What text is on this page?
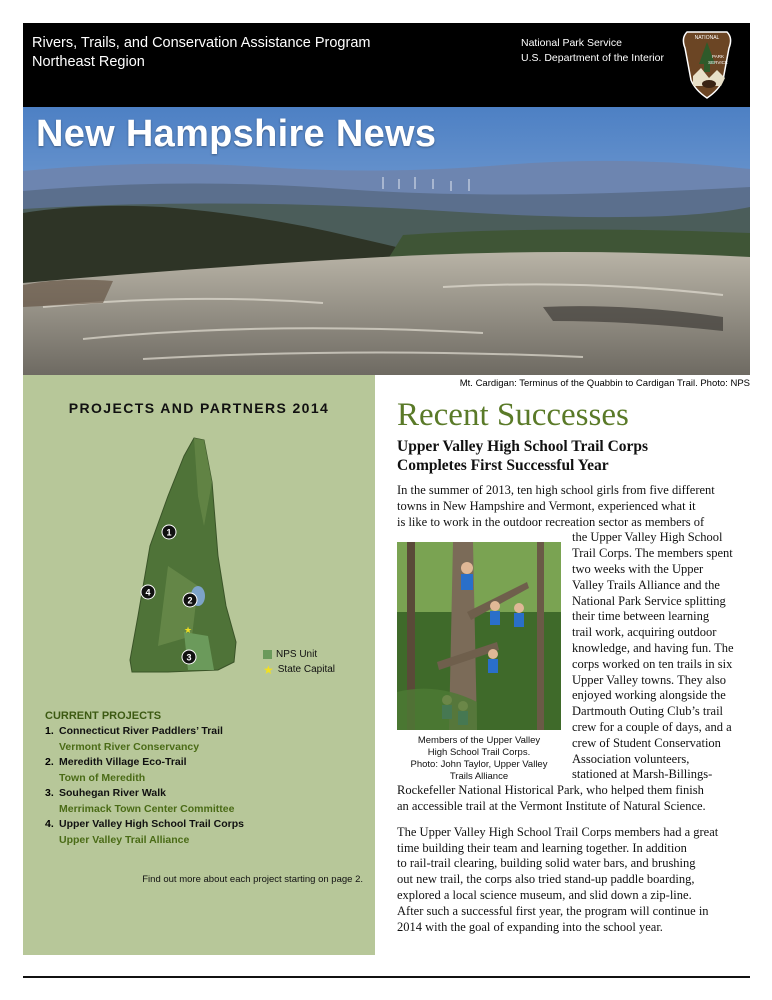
Rivers, Trails, and Conservation Assistance Program
Northeast Region
National Park Service
U.S. Department of the Interior
NATIONAL
PARK
SERVICE
New Hampshire News
Mt. Cardigan: Terminus of the Quabbin to Cardigan Trail. Photo: NPS
PROJECTS AND PARTNERS 2014
1
2
3
4
★
NPS Unit
★ State Capital
CURRENT PROJECTS
1. Connecticut River Paddlers’ Trail
Vermont River Conservancy
2. Meredith Village Eco-Trail
Town of Meredith
3. Souhegan River Walk
Merrimack Town Center Committee
4. Upper Valley High School Trail Corps
Upper Valley Trail Alliance
Find out more about each project starting on page 2.
Recent Successes
Upper Valley High School Trail Corps
Completes First Successful Year
In the summer of 2013, ten high school girls from five different
towns in New Hampshire and Vermont, experienced what it
is like to work in the outdoor recreation sector as members of
the Upper Valley High School
Trail Corps. The members spent
two weeks with the Upper
Valley Trails Alliance and the
National Park Service splitting
their time between learning
trail work, acquiring outdoor
knowledge, and having fun. The
corps worked on ten trails in six
Upper Valley towns. They also
enjoyed working alongside the
Dartmouth Outing Club’s trail
crew for a couple of days, and a
crew of Student Conservation
Association volunteers,
stationed at Marsh-Billings-
Rockefeller National Historical Park, who helped them finish
an accessible trail at the Vermont Institute of Natural Science.
The Upper Valley High School Trail Corps members had a great
time building their team and learning together. In addition
to rail-trail clearing, building solid water bars, and brushing
out new trail, the corps also tried stand-up paddle boarding,
explored a local science museum, and slid down a zip-line.
After such a successful first year, the program will continue in
2014 with the goal of expanding into the school year.
Members of the Upper Valley
High School Trail Corps.
Photo: John Taylor, Upper Valley
Trails Alliance
